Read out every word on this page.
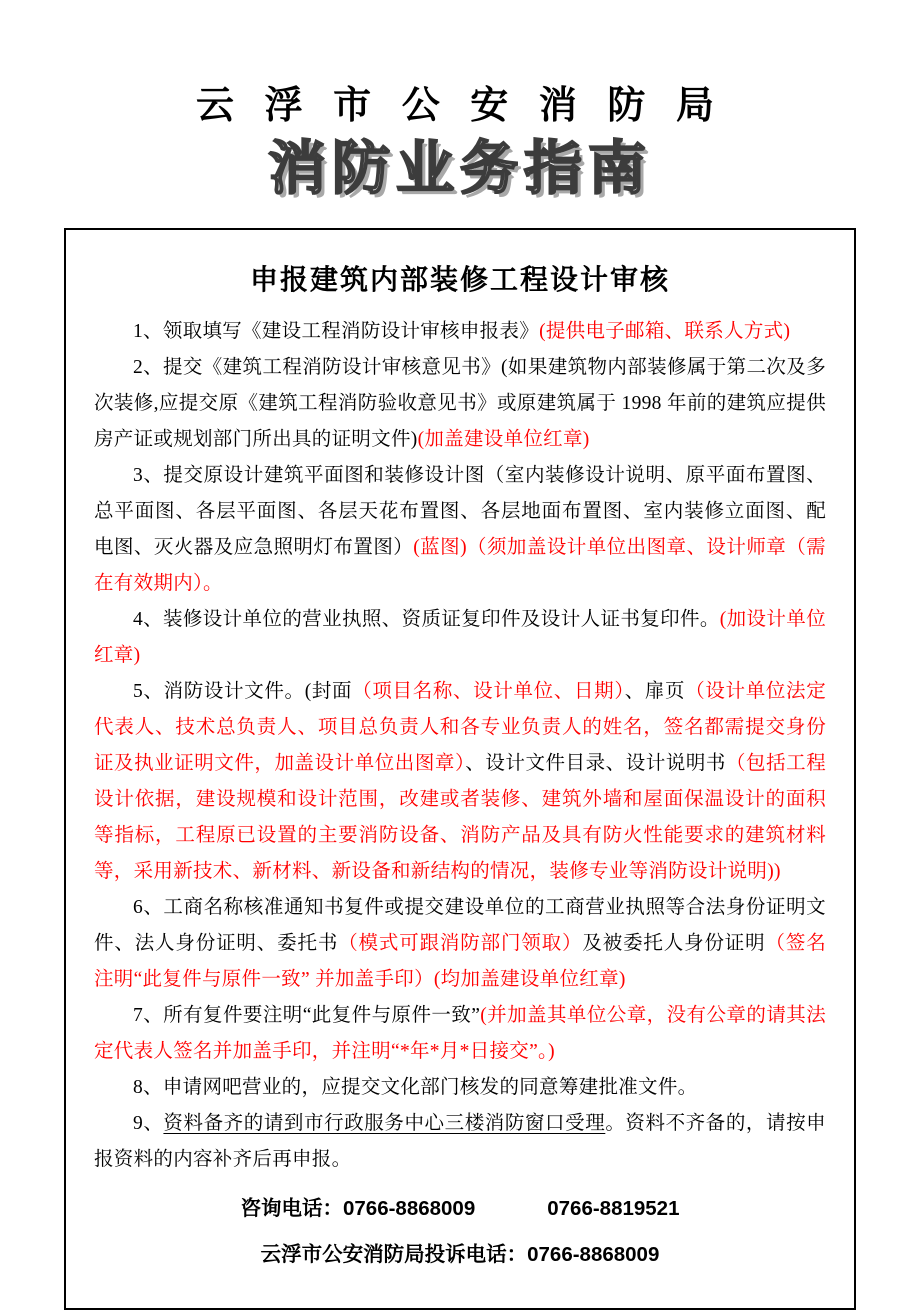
云 浮 市 公 安 消 防 局
消防业务指南
申报建筑内部装修工程设计审核

1、领取填写《建设工程消防设计审核申报表》(提供电子邮箱、联系人方式)

2、提交《建筑工程消防设计审核意见书》(如果建筑物内部装修属于第二次及多次装修,应提交原《建筑工程消防验收意见书》或原建筑属于 1998 年前的建筑应提供房产证或规划部门所出具的证明文件)(加盖建设单位红章)

3、提交原设计建筑平面图和装修设计图（室内装修设计说明、原平面布置图、总平面图、各层平面图、各层天花布置图、各层地面布置图、室内装修立面图、配电图、灭火器及应急照明灯布置图）(蓝图)（须加盖设计单位出图章、设计师章（需在有效期内）。

4、装修设计单位的营业执照、资质证复印件及设计人证书复印件。(加设计单位红章)

5、消防设计文件。(封面（项目名称、设计单位、日期）、扉页（设计单位法定代表人、技术总负责人、项目总负责人和各专业负责人的姓名，签名都需提交身份证及执业证明文件，加盖设计单位出图章）、设计文件目录、设计说明书（包括工程设计依据，建设规模和设计范围，改建或者装修、建筑外墙和屋面保温设计的面积等指标，工程原已设置的主要消防设备、消防产品及具有防火性能要求的建筑材料等，采用新技术、新材料、新设备和新结构的情况，装修专业等消防设计说明))

6、工商名称核准通知书复件或提交建设单位的工商营业执照等合法身份证明文件、法人身份证明、委托书（模式可跟消防部门领取）及被委托人身份证明（签名注明“此复件与原件一致” 并加盖手印）(均加盖建设单位红章)

7、所有复件要注明“此复件与原件一致”(并加盖其单位公章，没有公章的请其法定代表人签名并加盖手印，并注明“*年*月*日接交”。)

8、申请网吧营业的，应提交文化部门核发的同意筹建批准文件。

9、资料备齐的请到市行政服务中心三楼消防窗口受理。资料不齐备的，请按申报资料的内容补齐后再申报。

咨询电话：0766-8868009	0766-8819521
云浮市公安消防局投诉电话：0766-8868009
